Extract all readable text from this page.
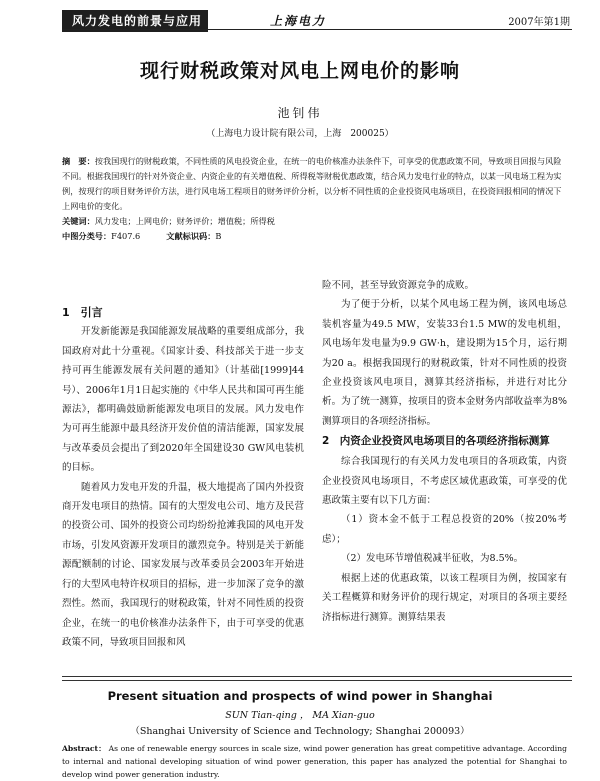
风力发电的前景与应用	上海电力	2007年第1期
现行财税政策对风电上网电价的影响
池钊伟
（上海电力设计院有限公司，上海　200025）

摘　要：按我国现行的财税政策，不同性质的风电投资企业，在统一的电价核准办法条件下，可享受的优惠政策不同，导致项目回报与风险不同。根据我国现行的针对外资企业、内资企业的有关增值税、所得税等财税优惠政策，结合风力发电行业的特点，以某一风电场工程为实例，按现行的项目财务评价方法，进行风电场工程项目的财务评价分析，以分析不同性质的企业投资风电场项目，在投资回报相同的情况下上网电价的变化。

关键词：风力发电；上网电价；财务评价；增值税；所得税

中图分类号：F407.6	文献标识码：B

1　引言

开发新能源是我国能源发展战略的重要组成部分，我国政府对此十分重视。《国家计委、科技部关于进一步支持可再生能源发展有关问题的通知》（计基础[1999]44号）、2006年1月1日起实施的《中华人民共和国可再生能源法》，都明确鼓励新能源发电项目的发展。风力发电作为可再生能源中最具经济开发价值的清洁能源，国家发展与改革委员会提出了到2020年全国建设30 GW风电装机的目标。

随着风力发电开发的升温，极大地提高了国内外投资商开发电项目的热情。国有的大型发电公司、地方及民营的投资公司、国外的投资公司均纷纷抢滩我国的风电开发市场，引发风资源开发项目的激烈竞争。特别是关于新能源配额制的讨论、国家发展与改革委员会2003年开始进行的大型风电特许权项目的招标，进一步加深了竞争的激烈性。然而，我国现行的财税政策，针对不同性质的投资企业，在统一的电价核准办法条件下，由于可享受的优惠政策不同，导致项目回报和风

险不同，甚至导致资源竞争的成败。

为了便于分析，以某个风电场工程为例，该风电场总装机容量为49.5 MW，安装33台1.5 MW的发电机组，风电场年发电量为9.9 GW·h，建设期为15个月，运行期为20 a。根据我国现行的财税政策，针对不同性质的投资企业投资该风电项目，测算其经济指标，并进行对比分析。为了统一测算，按项目的资本金财务内部收益率为8%测算项目的各项经济指标。

2　内资企业投资风电场项目的各项经济指标测算

综合我国现行的有关风力发电项目的各项政策，内资企业投资风电场项目，不考虑区域优惠政策，可享受的优惠政策主要有以下几方面：

（1）资本金不低于工程总投资的20%（按20%考虑）；

（2）发电环节增值税减半征收，为8.5%。

根据上述的优惠政策，以该工程项目为例，按国家有关工程概算和财务评价的现行规定，对项目的各项主要经济指标进行测算。测算结果表

Present situation and prospects of wind power in Shanghai
SUN Tian-qing ， MA Xian-guo
（Shanghai University of Science and Technology; Shanghai 200093）
Abstract： As one of renewable energy sources in scale size, wind power generation has great competitive advantage. According to internal and national developing situation of wind power generation, this paper has analyzed the potential for Shanghai to develop wind power generation industry.
